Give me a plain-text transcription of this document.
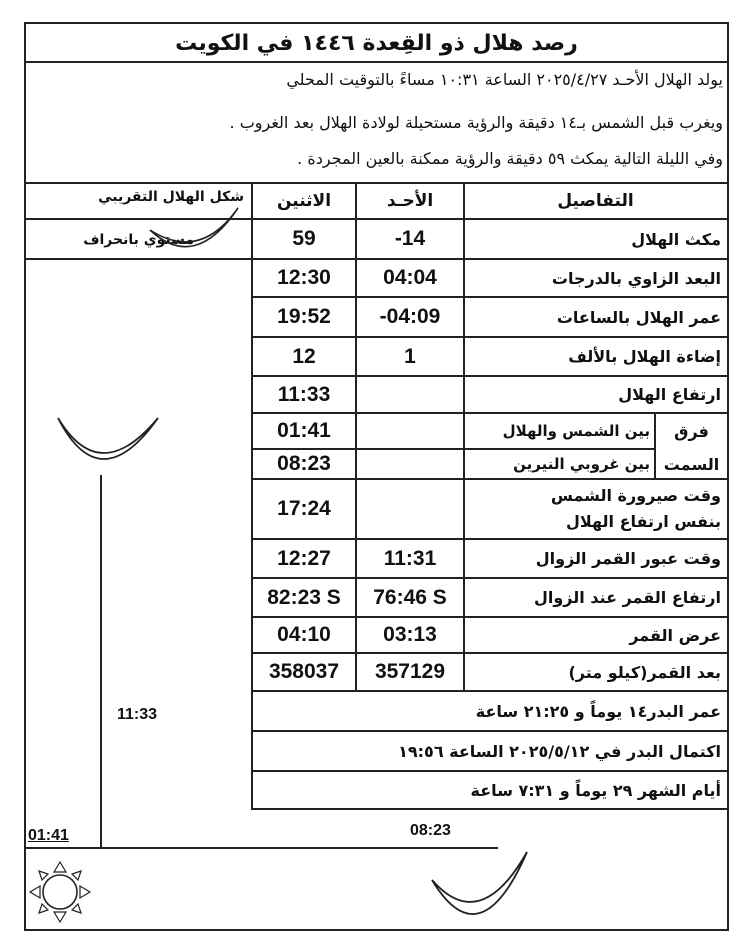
رصد هلال ذو القِعدة ١٤٤٦ في الكويت
يولد الهلال الأحـد ٢٠٢٥/٤/٢٧ الساعة ١٠:٣١ مساءً بالتوقيت المحلي
ويغرب قبل الشمس بـ١٤ دقيقة والرؤية مستحيلة لولادة الهلال بعد الغروب .
وفي الليلة التالية يمكث ٥٩ دقيقة والرؤية ممكنة بالعين المجردة .
التفاصيل
الأحـد
الاثنين
شكل الهلال التقريبي
مستوي بانحراف	مكث الهلال
-14
59
البعد الزاوي بالدرجات
04:04
12:30
عمر الهلال بالساعات
-04:09
19:52
إضاءة الهلال بالألف
1
12
ارتفاع الهلال
11:33
فرق
السمت
بين الشمس والهلال
بين غروبي النيرين
01:41
08:23
وقت صيرورة الشمس
بنفس ارتفاع الهلال
17:24
وقت عبور القمر الزوال
11:31
12:27
ارتفاع القمر عند الزوال
76:46 S
82:23 S
عرض القمر
03:13
04:10
بعد القمر(كيلو متر)
357129
358037
عمر البدر١٤ يوماً و ٢١:٢٥ ساعة
اكتمال البدر في ٢٠٢٥/٥/١٢ الساعة ١٩:٥٦
أيام الشهر ٢٩ يوماً و ٧:٣١ ساعة
11:33
01:41	08:23
